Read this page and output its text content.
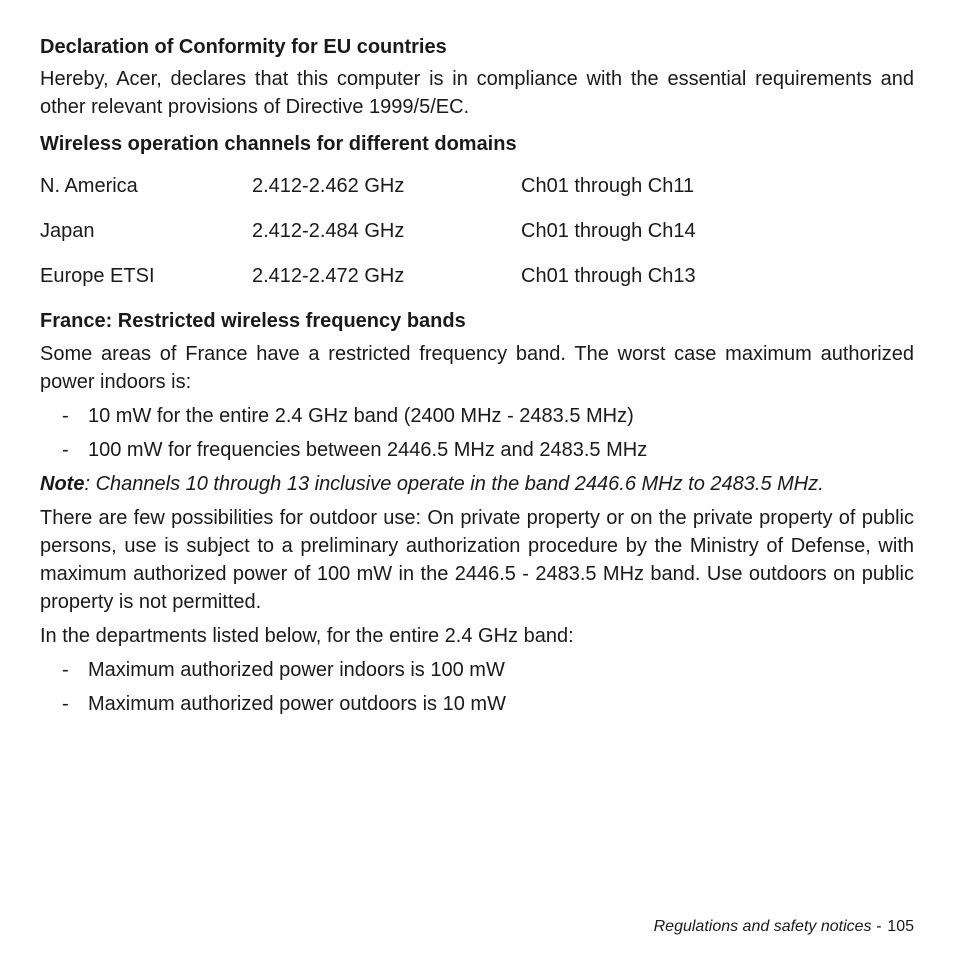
Declaration of Conformity for EU countries

Hereby, Acer, declares that this computer is in compliance with the essential requirements and other relevant provisions of Directive 1999/5/EC.

Wireless operation channels for different domains
N. America	2.412-2.462 GHz	Ch01 through Ch11
Japan	2.412-2.484 GHz	Ch01 through Ch14
Europe ETSI	2.412-2.472 GHz	Ch01 through Ch13
France: Restricted wireless frequency bands

Some areas of France have a restricted frequency band. The worst case maximum authorized power indoors is:

- 10 mW for the entire 2.4 GHz band (2400 MHz - 2483.5 MHz)
- 100 mW for frequencies between 2446.5 MHz and 2483.5 MHz

Note: Channels 10 through 13 inclusive operate in the band 2446.6 MHz to 2483.5 MHz.

There are few possibilities for outdoor use: On private property or on the private property of public persons, use is subject to a preliminary authorization procedure by the Ministry of Defense, with maximum authorized power of 100 mW in the 2446.5 - 2483.5 MHz band. Use outdoors on public property is not permitted.

In the departments listed below, for the entire 2.4 GHz band:

- Maximum authorized power indoors is 100 mW
- Maximum authorized power outdoors is 10 mW
Regulations and safety notices - 105
